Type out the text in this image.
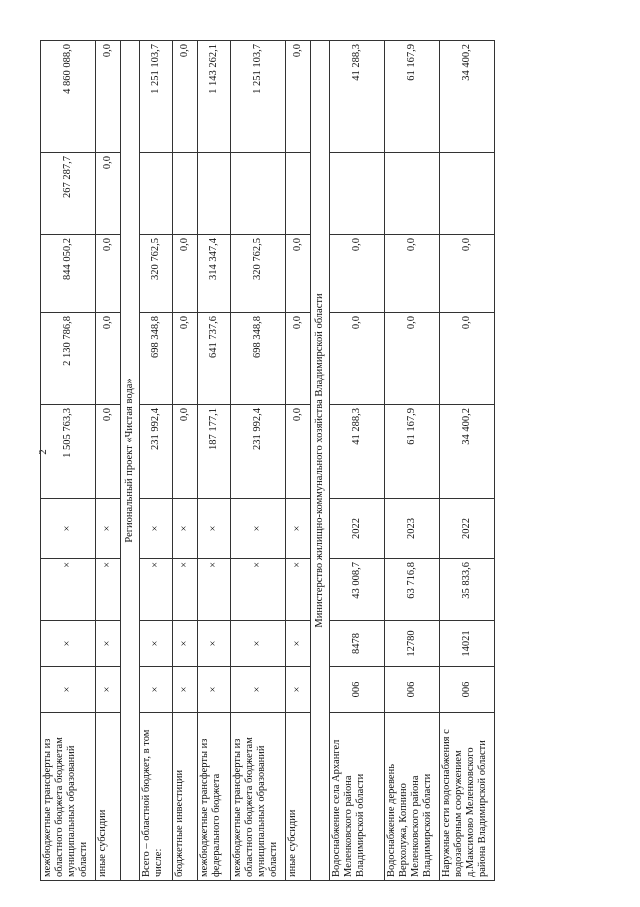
2
межбюджетные трансферты из областного бюджета бюджетам муниципальных образований области	×	×	×	×	1 505 763,3	2 130 786,8	844 050,2	267 287,7	4 860 088,0
иные субсидии	×	×	×	×	0,0	0,0	0,0	0,0	0,0
Региональный проект «Чистая вода»									
Всего – областной бюджет, в том числе:	×	×	×	×	231 992,4	698 348,8	320 762,5		1 251 103,7
бюджетные инвестиции	×	×	×	×	0,0	0,0	0,0		0,0
межбюджетные трансферты из федерального бюджета	×	×	×	×	187 177,1	641 737,6	314 347,4		1 143 262,1
межбюджетные трансферты из областного бюджета бюджетам муниципальных образований области	×	×	×	×	231 992,4	698 348,8	320 762,5		1 251 103,7
иные субсидии	×	×	×	×	0,0	0,0	0,0		0,0
Министерство жилищно-коммунального хозяйства Владимирской области									
Водоснабжение села Архангел Меленковского района Владимирской области	006	8478	43 008,7	2022	41 288,3	0,0	0,0		41 288,3
Водоснабжение деревень Верхолужа, Копнино Меленковского района Владимирской области	006	12780	63 716,8	2023	61 167,9	0,0	0,0		61 167,9
Наружные сети водоснабжения с водозаборным сооружением д.Максимово Меленковского района Владимирской области	006	14021	35 833,6	2022	34 400,2	0,0	0,0		34 400,2
